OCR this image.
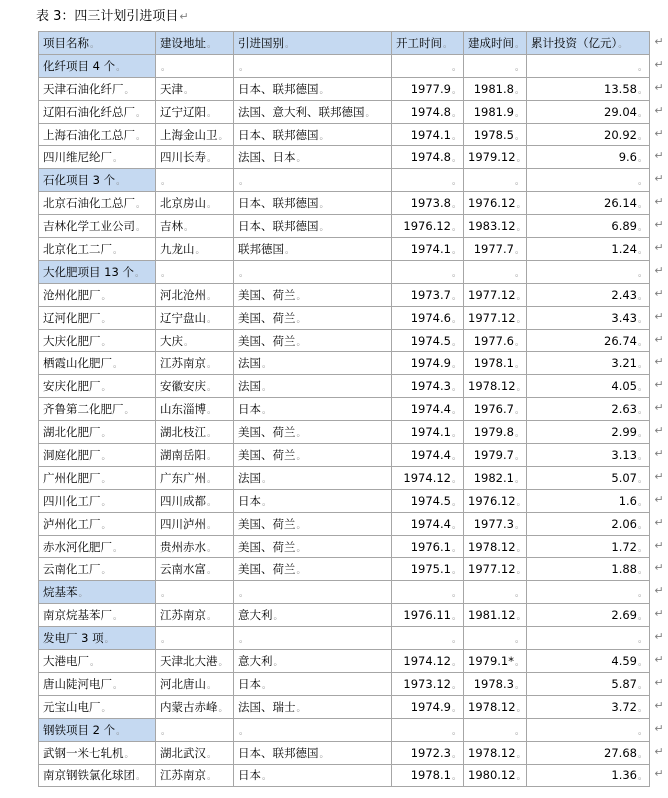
表 3：四三计划引进项目↵
项目名称。	建设地址。	引进国别。	开工时间。	建成时间。	累计投资（亿元）。
化纤项目 4 个。	。	。	。	。	。
天津石油化纤厂。	天津。	日本、联邦德国。	1977.9。	1981.8。	13.58。
辽阳石油化纤总厂。	辽宁辽阳。	法国、意大利、联邦德国。	1974.8。	1981.9。	29.04。
上海石油化工总厂。	上海金山卫。	日本、联邦德国。	1974.1。	1978.5。	20.92。
四川维尼纶厂。	四川长寿。	法国、日本。	1974.8。	1979.12。	9.6。
石化项目 3 个。	。	。	。	。	。
北京石油化工总厂。	北京房山。	日本、联邦德国。	1973.8。	1976.12。	26.14。
吉林化学工业公司。	吉林。	日本、联邦德国。	1976.12。	1983.12。	6.89。
北京化工二厂。	九龙山。	联邦德国。	1974.1。	1977.7。	1.24。
大化肥项目 13 个。	。	。	。	。	。
沧州化肥厂。	河北沧州。	美国、荷兰。	1973.7。	1977.12。	2.43。
辽河化肥厂。	辽宁盘山。	美国、荷兰。	1974.6。	1977.12。	3.43。
大庆化肥厂。	大庆。	美国、荷兰。	1974.5。	1977.6。	26.74。
栖霞山化肥厂。	江苏南京。	法国。	1974.9。	1978.1。	3.21。
安庆化肥厂。	安徽安庆。	法国。	1974.3。	1978.12。	4.05。
齐鲁第二化肥厂。	山东淄博。	日本。	1974.4。	1976.7。	2.63。
湖北化肥厂。	湖北枝江。	美国、荷兰。	1974.1。	1979.8。	2.99。
洞庭化肥厂。	湖南岳阳。	美国、荷兰。	1974.4。	1979.7。	3.13。
广州化肥厂。	广东广州。	法国。	1974.12。	1982.1。	5.07。
四川化工厂。	四川成都。	日本。	1974.5。	1976.12。	1.6。
泸州化工厂。	四川泸州。	美国、荷兰。	1974.4。	1977.3。	2.06。
赤水河化肥厂。	贵州赤水。	美国、荷兰。	1976.1。	1978.12。	1.72。
云南化工厂。	云南水富。	美国、荷兰。	1975.1。	1977.12。	1.88。
烷基苯。	。	。	。	。	。
南京烷基苯厂。	江苏南京。	意大利。	1976.11。	1981.12。	2.69。
发电厂 3 项。	。	。	。	。	。
大港电厂。	天津北大港。	意大利。	1974.12。	1979.1*。	4.59。
唐山陡河电厂。	河北唐山。	日本。	1973.12。	1978.3。	5.87。
元宝山电厂。	内蒙古赤峰。	法国、瑞士。	1974.9。	1978.12。	3.72。
钢铁项目 2 个。	。	。	。	。	。
武钢一米七轧机。	湖北武汉。	日本、联邦德国。	1972.3。	1978.12。	27.68。
南京钢铁氯化球团。	江苏南京。	日本。	1978.1。	1980.12。	1.36。
↵
↵
↵
↵
↵
↵
↵
↵
↵
↵
↵
↵
↵
↵
↵
↵
↵
↵
↵
↵
↵
↵
↵
↵
↵
↵
↵
↵
↵
↵
↵
↵
↵
